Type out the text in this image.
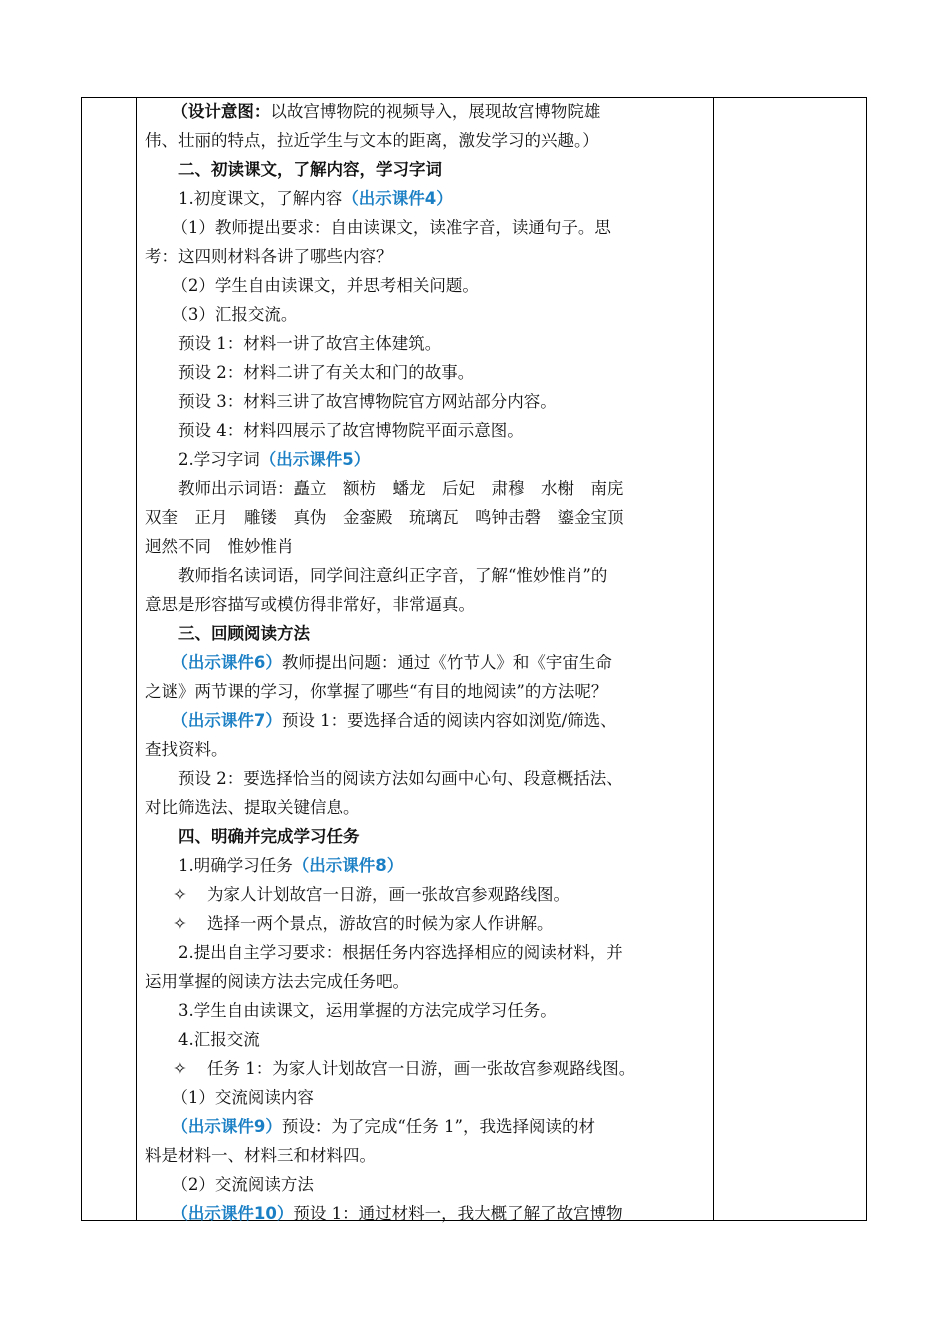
（设计意图：以故宫博物院的视频导入，展现故宫博物院雄

伟、壮丽的特点，拉近学生与文本的距离，激发学习的兴趣。）

二、初读课文，了解内容，学习字词

1.初度课文，了解内容（出示课件4）

（1）教师提出要求：自由读课文，读准字音，读通句子。思

考：这四则材料各讲了哪些内容？

（2）学生自由读课文，并思考相关问题。

（3）汇报交流。

预设 1：材料一讲了故宫主体建筑。

预设 2：材料二讲了有关太和门的故事。

预设 3：材料三讲了故宫博物院官方网站部分内容。

预设 4：材料四展示了故宫博物院平面示意图。

2.学习字词（出示课件5）

教师出示词语：矗立　额枋　蟠龙　后妃　肃穆　水榭　南庑

双奎　正月　雕镂　真伪　金銮殿　琉璃瓦　鸣钟击磬　鎏金宝顶

迥然不同　惟妙惟肖

教师指名读词语，同学间注意纠正字音，了解“惟妙惟肖”的

意思是形容描写或模仿得非常好，非常逼真。

三、回顾阅读方法

（出示课件6）教师提出问题：通过《竹节人》和《宇宙生命

之谜》两节课的学习，你掌握了哪些“有目的地阅读”的方法呢？

（出示课件7）预设 1：要选择合适的阅读内容如浏览/筛选、

查找资料。

预设 2：要选择恰当的阅读方法如勾画中心句、段意概括法、

对比筛选法、提取关键信息。

四、明确并完成学习任务

1.明确学习任务（出示课件8）

✧ 为家人计划故宫一日游，画一张故宫参观路线图。

✧ 选择一两个景点，游故宫的时候为家人作讲解。

2.提出自主学习要求：根据任务内容选择相应的阅读材料，并

运用掌握的阅读方法去完成任务吧。

3.学生自由读课文，运用掌握的方法完成学习任务。

4.汇报交流

✧ 任务 1：为家人计划故宫一日游，画一张故宫参观路线图。

（1）交流阅读内容

（出示课件9）预设：为了完成“任务 1”，我选择阅读的材

料是材料一、材料三和材料四。

（2）交流阅读方法

（出示课件10）预设 1：通过材料一，我大概了解了故宫博物
